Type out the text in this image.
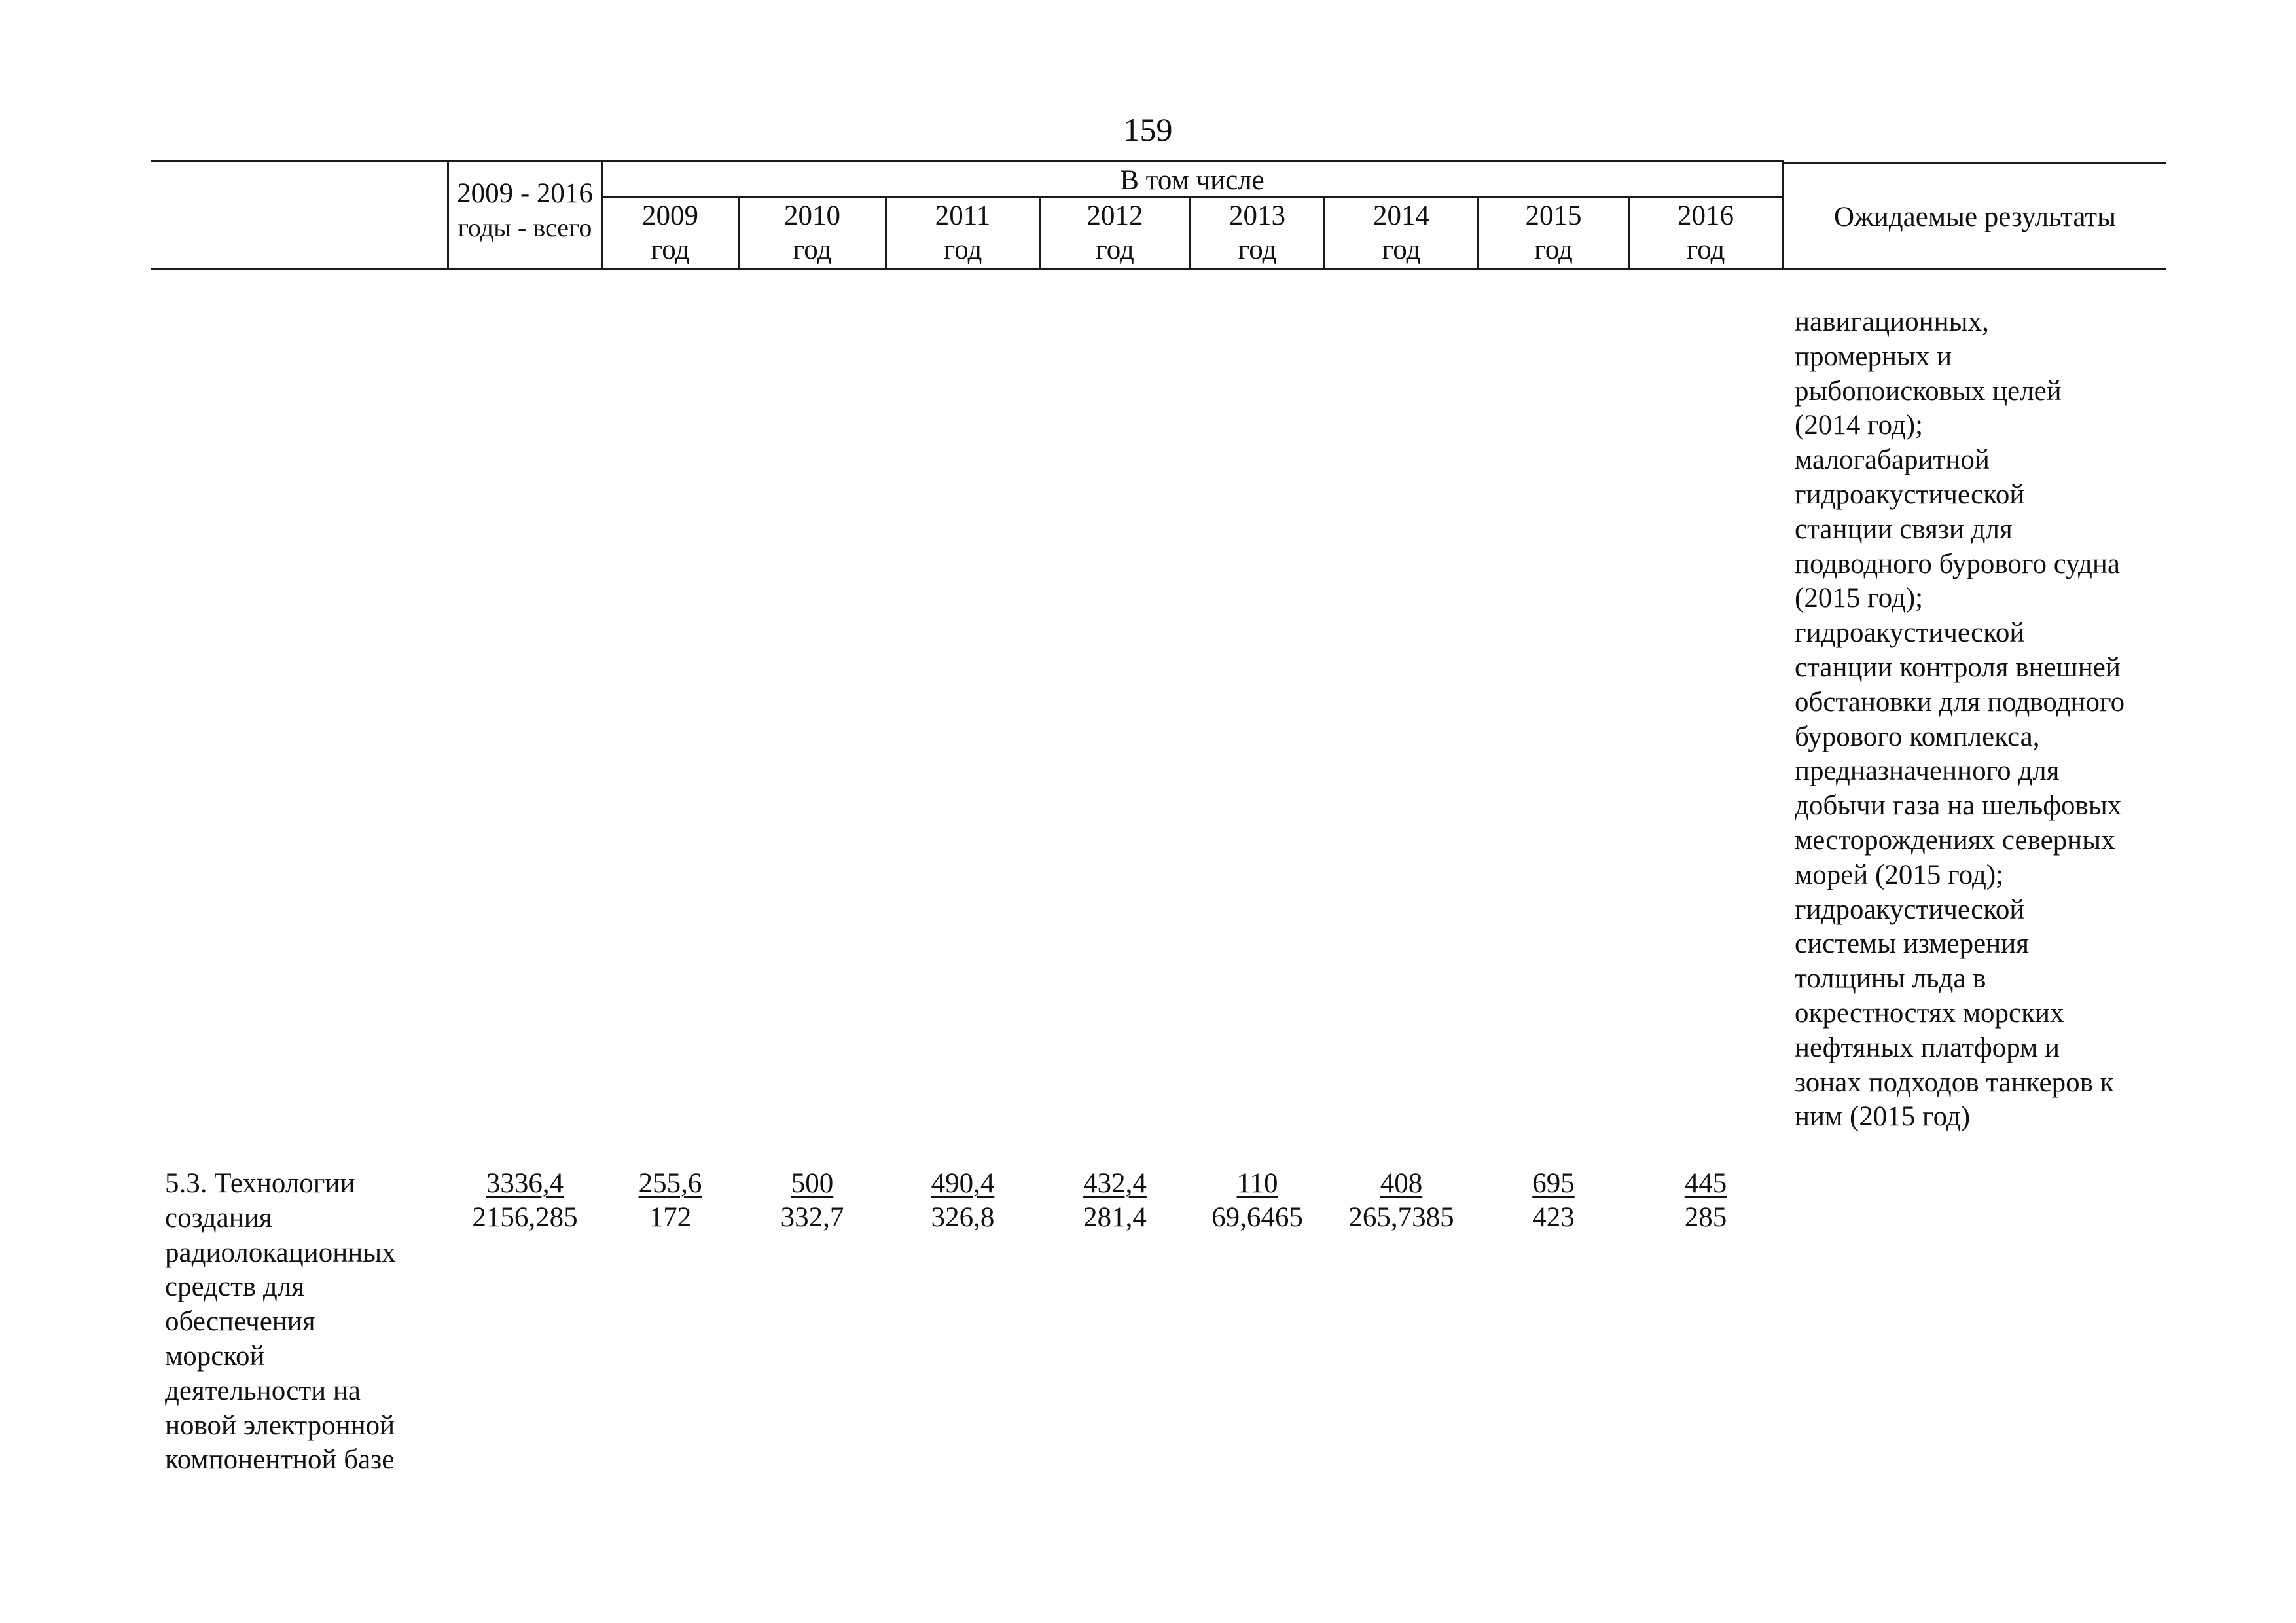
159
2009 - 2016
годы - всего
В том числе
2009
год
2010
год
2011
год
2012
год
2013
год
2014
год
2015
год
2016
год
Ожидаемые результаты
навигационных,
промерных и
рыбопоисковых целей
(2014 год);
малогабаритной
гидроакустической
станции связи для
подводного бурового судна
(2015 год);
гидроакустической
станции контроля внешней
обстановки для подводного
бурового комплекса,
предназначенного для
добычи газа на шельфовых
месторождениях северных
морей (2015 год);
гидроакустической
системы измерения
толщины льда в
окрестностях морских
нефтяных платформ и
зонах подходов танкеров к
ним (2015 год)
5.3. Технологии
создания
радиолокационных
средств для
обеспечения
морской
деятельности на
новой электронной
компонентной базе
3336,4
2156,285
255,6
172
500
332,7
490,4
326,8
432,4
281,4
110
69,6465
408
265,7385
695
423
445
285
